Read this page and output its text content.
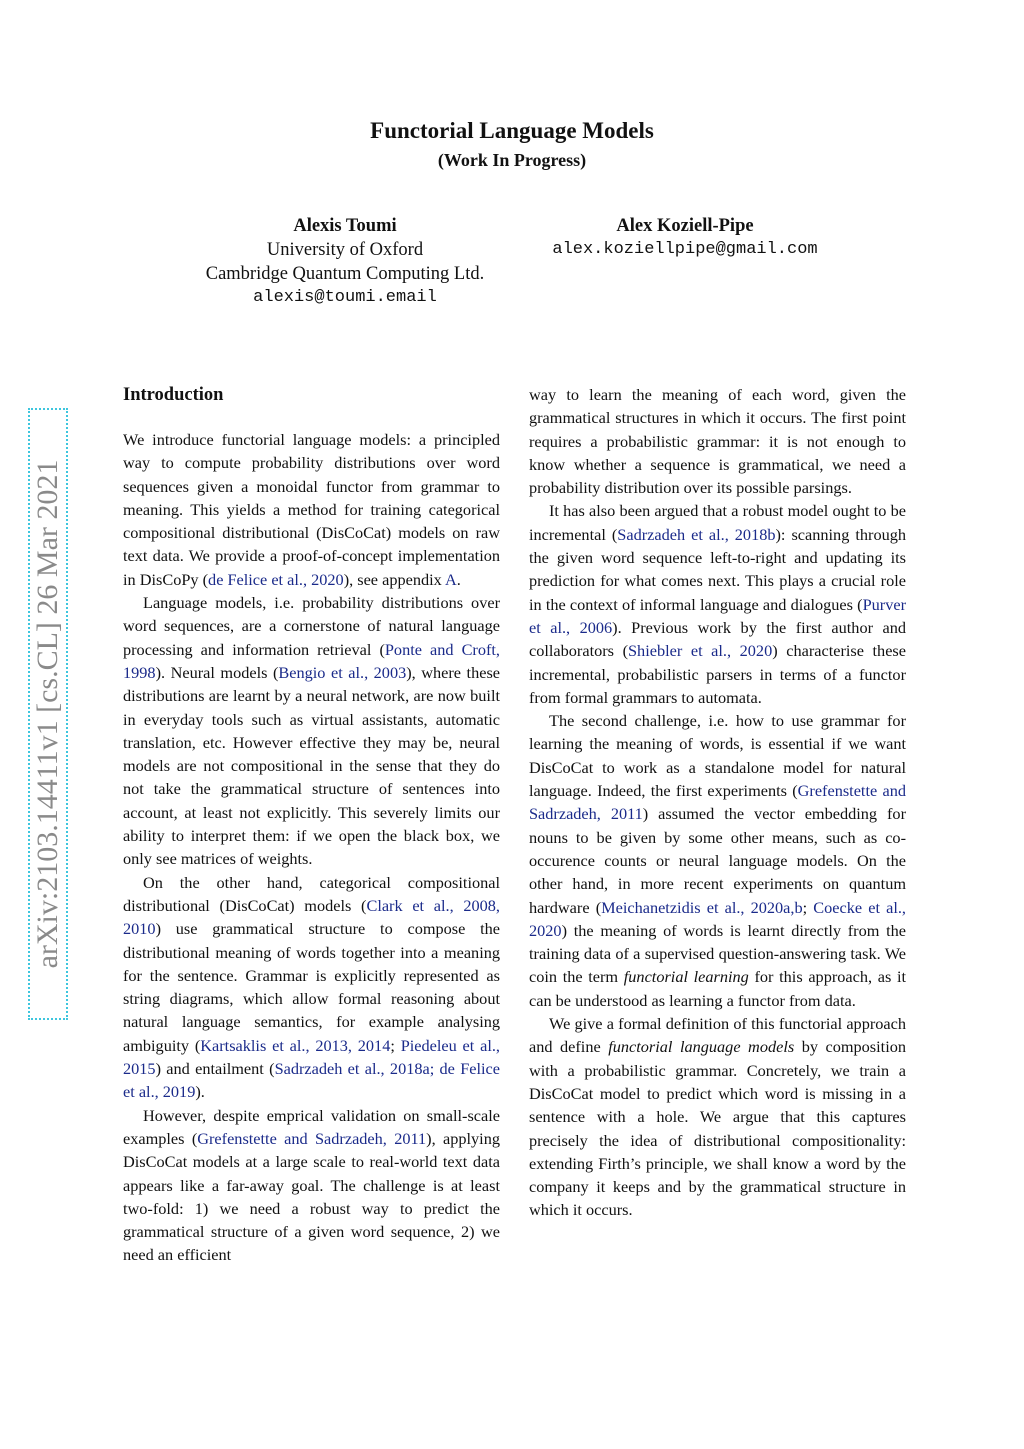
Functorial Language Models
(Work In Progress)
Alexis Toumi
University of Oxford
Cambridge Quantum Computing Ltd.
alexis@toumi.email
Alex Koziell-Pipe
alex.koziellpipe@gmail.com
arXiv:2103.14411v1 [cs.CL] 26 Mar 2021
Introduction

We introduce functorial language models: a principled way to compute probability distributions over word sequences given a monoidal functor from grammar to meaning. This yields a method for training categorical compositional distributional (DisCoCat) models on raw text data. We provide a proof-of-concept implementation in DisCoPy (de Felice et al., 2020), see appendix A.

Language models, i.e. probability distributions over word sequences, are a cornerstone of natural language processing and information retrieval (Ponte and Croft, 1998). Neural models (Bengio et al., 2003), where these distributions are learnt by a neural network, are now built in everyday tools such as virtual assistants, automatic translation, etc. However effective they may be, neural models are not compositional in the sense that they do not take the grammatical structure of sentences into account, at least not explicitly. This severely limits our ability to interpret them: if we open the black box, we only see matrices of weights.

On the other hand, categorical compositional distributional (DisCoCat) models (Clark et al., 2008, 2010) use grammatical structure to compose the distributional meaning of words together into a meaning for the sentence. Grammar is explicitly represented as string diagrams, which allow formal reasoning about natural language semantics, for example analysing ambiguity (Kartsaklis et al., 2013, 2014; Piedeleu et al., 2015) and entailment (Sadrzadeh et al., 2018a; de Felice et al., 2019).

However, despite emprical validation on small-scale examples (Grefenstette and Sadrzadeh, 2011), applying DisCoCat models at a large scale to real-world text data appears like a far-away goal. The challenge is at least two-fold: 1) we need a robust way to predict the grammatical structure of a given word sequence, 2) we need an efficient

way to learn the meaning of each word, given the grammatical structures in which it occurs. The first point requires a probabilistic grammar: it is not enough to know whether a sequence is grammatical, we need a probability distribution over its possible parsings.

It has also been argued that a robust model ought to be incremental (Sadrzadeh et al., 2018b): scanning through the given word sequence left-to-right and updating its prediction for what comes next. This plays a crucial role in the context of informal language and dialogues (Purver et al., 2006). Previous work by the first author and collaborators (Shiebler et al., 2020) characterise these incremental, probabilistic parsers in terms of a functor from formal grammars to automata.

The second challenge, i.e. how to use grammar for learning the meaning of words, is essential if we want DisCoCat to work as a standalone model for natural language. Indeed, the first experiments (Grefenstette and Sadrzadeh, 2011) assumed the vector embedding for nouns to be given by some other means, such as co-occurence counts or neural language models. On the other hand, in more recent experiments on quantum hardware (Meichanetzidis et al., 2020a,b; Coecke et al., 2020) the meaning of words is learnt directly from the training data of a supervised question-answering task. We coin the term functorial learning for this approach, as it can be understood as learning a functor from data.

We give a formal definition of this functorial approach and define functorial language models by composition with a probabilistic grammar. Concretely, we train a DisCoCat model to predict which word is missing in a sentence with a hole. We argue that this captures precisely the idea of distributional compositionality: extending Firth’s principle, we shall know a word by the company it keeps and by the grammatical structure in which it occurs.
